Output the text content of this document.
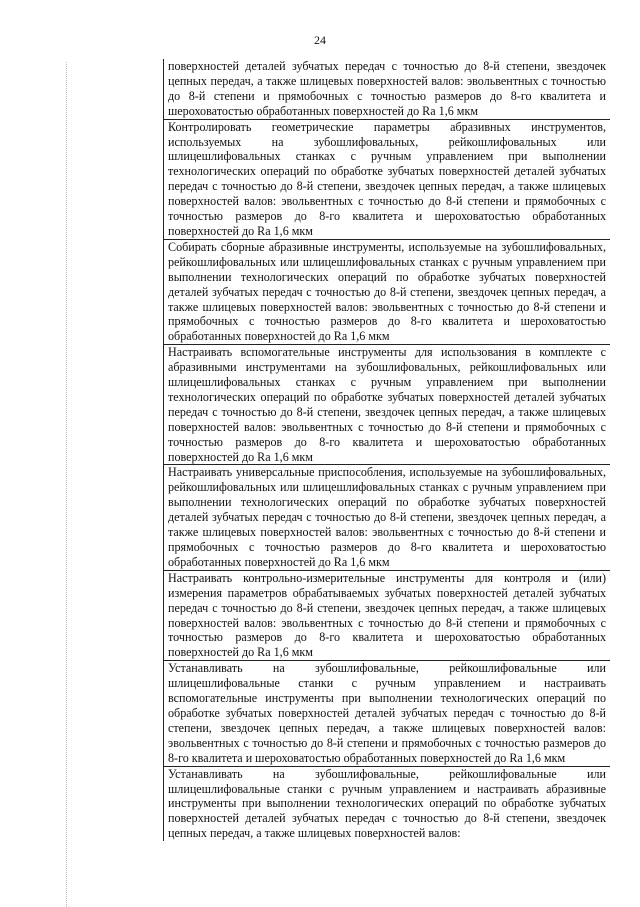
24
поверхностей деталей зубчатых передач с точностью до 8-й степени, звездочек цепных передач, а также шлицевых поверхностей валов: эвольвентных с точностью до 8-й степени и прямобочных с точностью размеров до 8-го квалитета и шероховатостью обработанных поверхностей до Ra 1,6 мкм
Контролировать геометрические параметры абразивных инструментов, используемых на зубошлифовальных, рейкошлифовальных или шлицешлифовальных станках с ручным управлением при выполнении технологических операций по обработке зубчатых поверхностей деталей зубчатых передач с точностью до 8-й степени, звездочек цепных передач, а также шлицевых поверхностей валов: эвольвентных с точностью до 8-й степени и прямобочных с точностью размеров до 8-го квалитета и шероховатостью обработанных поверхностей до Ra 1,6 мкм
Собирать сборные абразивные инструменты, используемые на зубошлифовальных, рейкошлифовальных или шлицешлифовальных станках с ручным управлением при выполнении технологических операций по обработке зубчатых поверхностей деталей зубчатых передач с точностью до 8-й степени, звездочек цепных передач, а также шлицевых поверхностей валов: эвольвентных с точностью до 8-й степени и прямобочных с точностью размеров до 8-го квалитета и шероховатостью обработанных поверхностей до Ra 1,6 мкм
Настраивать вспомогательные инструменты для использования в комплекте с абразивными инструментами на зубошлифовальных, рейкошлифовальных или шлицешлифовальных станках с ручным управлением при выполнении технологических операций по обработке зубчатых поверхностей деталей зубчатых передач с точностью до 8-й степени, звездочек цепных передач, а также шлицевых поверхностей валов: эвольвентных с точностью до 8-й степени и прямобочных с точностью размеров до 8-го квалитета и шероховатостью обработанных поверхностей до Ra 1,6 мкм
Настраивать универсальные приспособления, используемые на зубошлифовальных, рейкошлифовальных или шлицешлифовальных станках с ручным управлением при выполнении технологических операций по обработке зубчатых поверхностей деталей зубчатых передач с точностью до 8-й степени, звездочек цепных передач, а также шлицевых поверхностей валов: эвольвентных с точностью до 8-й степени и прямобочных с точностью размеров до 8-го квалитета и шероховатостью обработанных поверхностей до Ra 1,6 мкм
Настраивать контрольно-измерительные инструменты для контроля и (или) измерения параметров обрабатываемых зубчатых поверхностей деталей зубчатых передач с точностью до 8-й степени, звездочек цепных передач, а также шлицевых поверхностей валов: эвольвентных с точностью до 8-й степени и прямобочных с точностью размеров до 8-го квалитета и шероховатостью обработанных поверхностей до Ra 1,6 мкм
Устанавливать на зубошлифовальные, рейкошлифовальные или шлицешлифовальные станки с ручным управлением и настраивать вспомогательные инструменты при выполнении технологических операций по обработке зубчатых поверхностей деталей зубчатых передач с точностью до 8-й степени, звездочек цепных передач, а также шлицевых поверхностей валов: эвольвентных с точностью до 8-й степени и прямобочных с точностью размеров до 8-го квалитета и шероховатостью обработанных поверхностей до Ra 1,6 мкм
Устанавливать на зубошлифовальные, рейкошлифовальные или шлицешлифовальные станки с ручным управлением и настраивать абразивные инструменты при выполнении технологических операций по обработке зубчатых поверхностей деталей зубчатых передач с точностью до 8-й степени, звездочек цепных передач, а также шлицевых поверхностей валов:
